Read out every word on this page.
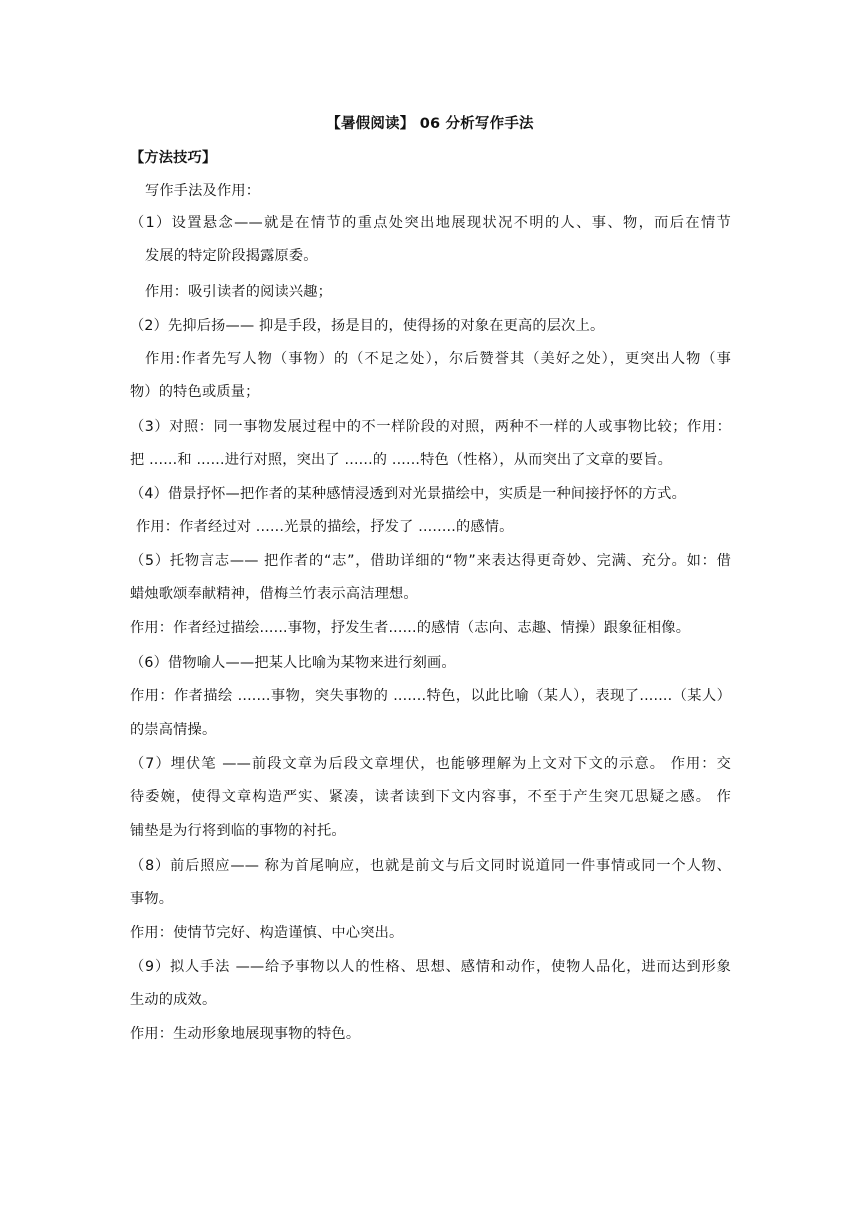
【暑假阅读】 06 分析写作手法
【方法技巧】
写作手法及作用：
（1）设置悬念——就是在情节的重点处突出地展现状况不明的人、事、物，而后在情节
发展的特定阶段揭露原委。
作用：吸引读者的阅读兴趣；
（2）先抑后扬—— 抑是手段，扬是目的，使得扬的对象在更高的层次上。
作用:作者先写人物（事物）的（不足之处），尔后赞誉其（美好之处），更突出人物（事
物）的特色或质量；
（3）对照：同一事物发展过程中的不一样阶段的对照，两种不一样的人或事物比较；作用：
把 ......和 ......进行对照，突出了 ......的 ......特色（性格），从而突出了文章的要旨。
（4）借景抒怀—把作者的某种感情浸透到对光景描绘中，实质是一种间接抒怀的方式。
作用：作者经过对 ......光景的描绘，抒发了 ........的感情。
（5）托物言志—— 把作者的“志”，借助详细的“物”来表达得更奇妙、完满、充分。如：借
蜡烛歌颂奉献精神，借梅兰竹表示高洁理想。
作用：作者经过描绘......事物，抒发生者......的感情（志向、志趣、情操）跟象征相像。
（6）借物喻人——把某人比喻为某物来进行刻画。
作用：作者描绘 .......事物，突失事物的 .......特色，以此比喻（某人），表现了.......（某人）
的崇高情操。
（7）埋伏笔 ——前段文章为后段文章埋伏，也能够理解为上文对下文的示意。 作用：交
待委婉，使得文章构造严实、紧凑，读者读到下文内容事，不至于产生突兀思疑之感。 作
铺垫是为行将到临的事物的衬托。
（8）前后照应—— 称为首尾响应，也就是前文与后文同时说道同一件事情或同一个人物、
事物。
作用：使情节完好、构造谨慎、中心突出。
（9）拟人手法 ——给予事物以人的性格、思想、感情和动作，使物人品化，进而达到形象
生动的成效。
作用：生动形象地展现事物的特色。
